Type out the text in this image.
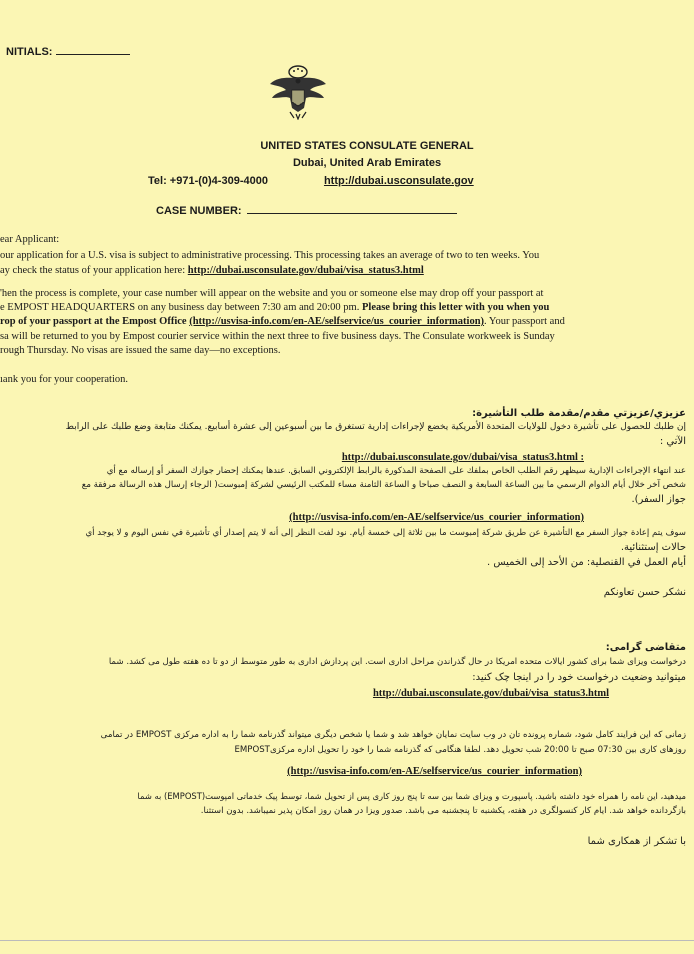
NITIALS:
UNITED STATES CONSULATE GENERAL
Dubai, United Arab Emirates
Tel: +971-(0)4-309-4000	http://dubai.usconsulate.gov
CASE NUMBER:
ear Applicant:
our application for a U.S. visa is subject to administrative processing. This processing takes an average of two to ten weeks. You
ay check the status of your application here: http://dubai.usconsulate.gov/dubai/visa_status3.html
'hen the process is complete, your case number will appear on the website and you or someone else may drop off your passport at
e EMPOST HEADQUARTERS on any business day between 7:30 am and 20:00 pm. Please bring this letter with you when you
rop of your passport at the Empost Office (http://usvisa-info.com/en-AE/selfservice/us_courier_information). Your passport and
sa will be returned to you by Empost courier service within the next three to five business days. The Consulate workweek is Sunday
rough Thursday. No visas are issued the same day—no exceptions.
ıank you for your cooperation.
عزيزي/عزيزتي مقدم/مقدمة طلب التأشيرة:
إن طلبك للحصول على تأشيرة دخول للولايات المتحدة الأمريكية يخضع لإجراءات إدارية تستغرق ما بين أسبوعين إلى عشرة أسابيع. يمكنك متابعة وضع طلبك على الرابط
الآتي :
http://dubai.usconsulate.gov/dubai/visa_status3.html :
عند انتهاء الإجراءات الإدارية سيظهر رقم الطلب الخاص بملفك على الصفحة المذكورة بالرابط الإلكتروني السابق. عندها يمكنك إحضار جوازك السفر أو إرساله مع أي
شخص آخر خلال أيام الدوام الرسمي ما بين الساعة السابعة و النصف صباحا و الساعة الثامنة مساء للمكتب الرئيسي لشركة إمبوست( الرجاء إرسال هذه الرسالة مرفقة مع
جواز السفر).
(http://usvisa-info.com/en-AE/selfservice/us_courier_information)
سوف يتم إعادة جواز السفر مع التأشيرة عن طريق شركة إمبوست ما بين ثلاثة إلى خمسة أيام. نود لفت النظر إلى أنه لا يتم إصدار أي تأشيرة في نفس اليوم و لا يوجد أي
حالات إستثنائية.
أيام العمل في القنصلية: من الأحد إلى الخميس .
نشكر حسن تعاونكم
متقاضی گرامی:
درخواست ویزای شما برای کشور ایالات متحده امریکا در حال گذراندن مراحل اداری است. این پردازش اداری به طور متوسط از دو تا ده هفته طول می کشد. شما
میتوانید وضعیت درخواست خود را در اینجا چک کنید:
http://dubai.usconsulate.gov/dubai/visa_status3.html
زمانی که این فرایند کامل شود، شماره پرونده تان در وب سایت نمایان خواهد شد و شما یا شخص دیگری میتواند گذرنامه شما را به اداره مرکزی EMPOST در تمامی
روزهای کاری بین 07:30 صبح تا 20:00 شب تحویل دهد. لطفا هنگامی که گذرنامه شما را خود را تحویل اداره مرکزیEMPOST
(http://usvisa-info.com/en-AE/selfservice/us_courier_information)
میدهید، این نامه را همراه خود داشته باشید. پاسپورت و ویزای شما بین سه تا پنج روز کاری پس از تحویل شما، توسط پیک خدماتی امپوست(EMPOST) به شما
بازگردانده خواهد شد. ایام کار کنسولگری در هفته، یکشنبه تا پنجشنبه می باشد. صدور ویزا در همان روز امکان پذیر نمیباشد. بدون استثنا.
با تشکر از همکاری شما
